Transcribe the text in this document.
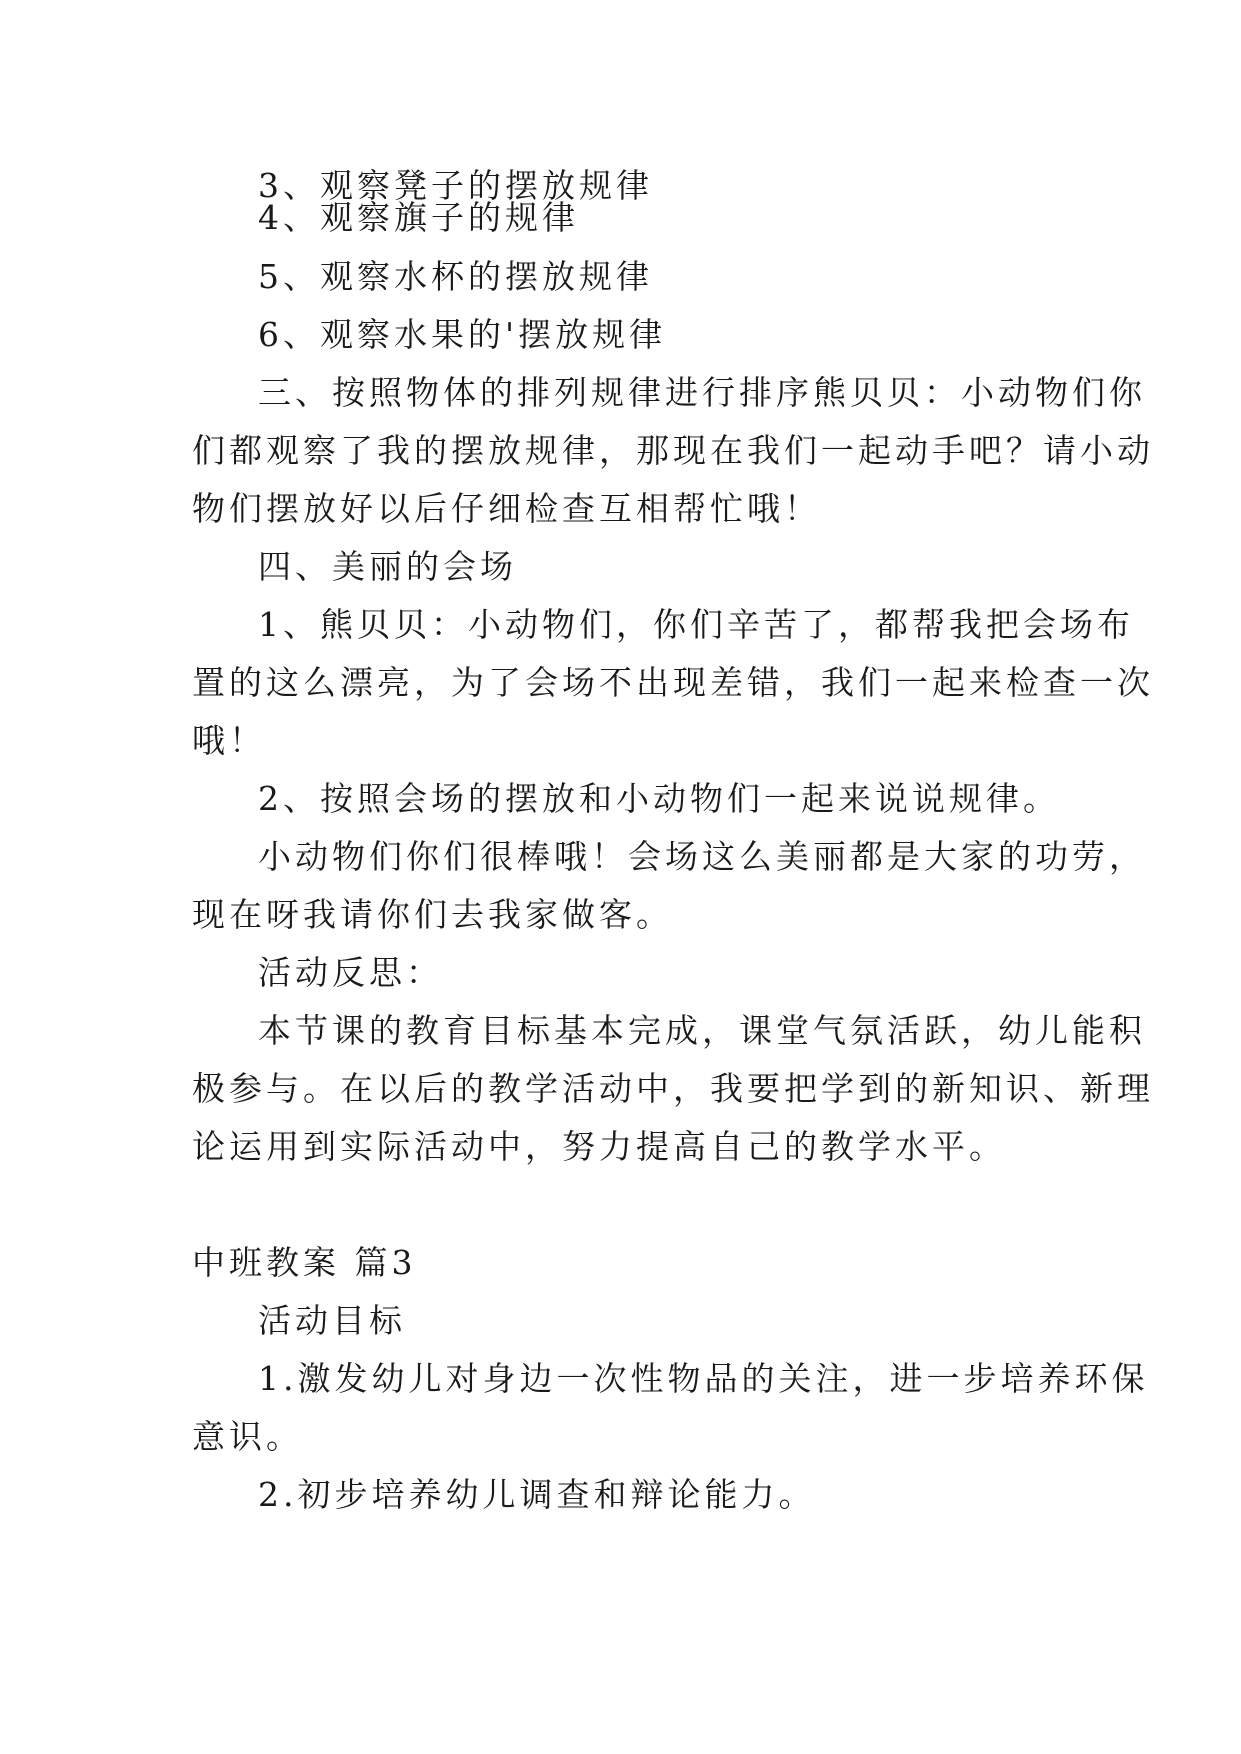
3、观察凳子的摆放规律
4、观察旗子的规律
5、观察水杯的摆放规律
6、观察水果的'摆放规律
三、按照物体的排列规律进行排序熊贝贝：小动物们你
们都观察了我的摆放规律，那现在我们一起动手吧？请小动
物们摆放好以后仔细检查互相帮忙哦！
四、美丽的会场
1、熊贝贝：小动物们，你们辛苦了，都帮我把会场布
置的这么漂亮，为了会场不出现差错，我们一起来检查一次
哦！
2、按照会场的摆放和小动物们一起来说说规律。
小动物们你们很棒哦！会场这么美丽都是大家的功劳，
现在呀我请你们去我家做客。
活动反思：
本节课的教育目标基本完成，课堂气氛活跃，幼儿能积
极参与。在以后的教学活动中，我要把学到的新知识、新理
论运用到实际活动中，努力提高自己的教学水平。
中班教案 篇3
活动目标
1.激发幼儿对身边一次性物品的关注，进一步培养环保
意识。
2.初步培养幼儿调查和辩论能力。
